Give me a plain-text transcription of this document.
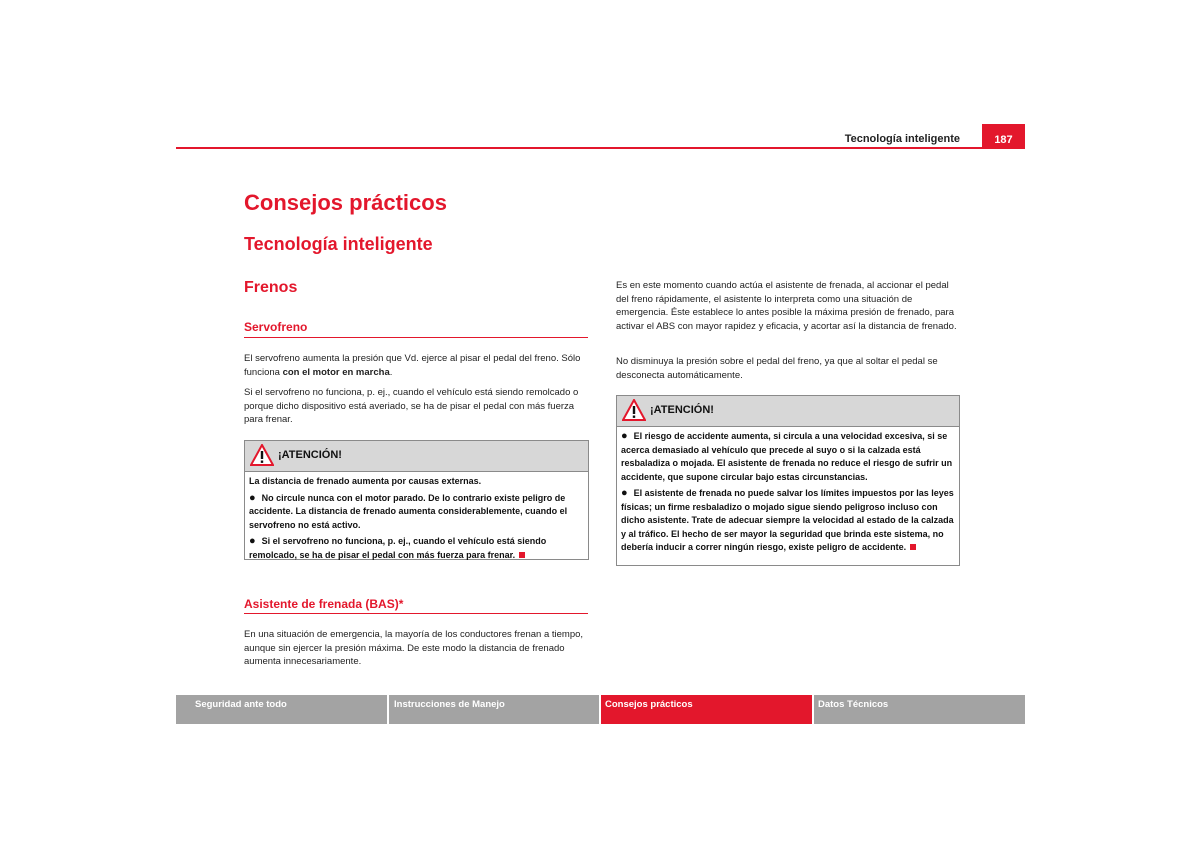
Tecnología inteligente	187
Consejos prácticos
Tecnología inteligente
Frenos
Servofreno
El servofreno aumenta la presión que Vd. ejerce al pisar el pedal del freno. Sólo funciona con el motor en marcha.
Si el servofreno no funciona, p. ej., cuando el vehículo está siendo remolcado o porque dicho dispositivo está averiado, se ha de pisar el pedal con más fuerza para frenar.
¡ATENCIÓN!

La distancia de frenado aumenta por causas externas.

● No circule nunca con el motor parado. De lo contrario existe peligro de accidente. La distancia de frenado aumenta considerablemente, cuando el servofreno no está activo.

● Si el servofreno no funciona, p. ej., cuando el vehículo está siendo remolcado, se ha de pisar el pedal con más fuerza para frenar.

Asistente de frenada (BAS)*
En una situación de emergencia, la mayoría de los conductores frenan a tiempo, aunque sin ejercer la presión máxima. De este modo la distancia de frenado aumenta innecesariamente.
Es en este momento cuando actúa el asistente de frenada, al accionar el pedal del freno rápidamente, el asistente lo interpreta como una situación de emergencia. Éste establece lo antes posible la máxima presión de frenado, para activar el ABS con mayor rapidez y eficacia, y acortar así la distancia de frenado.
No disminuya la presión sobre el pedal del freno, ya que al soltar el pedal se desconecta automáticamente.
¡ATENCIÓN!

● El riesgo de accidente aumenta, si circula a una velocidad excesiva, si se acerca demasiado al vehículo que precede al suyo o si la calzada está resbaladiza o mojada. El asistente de frenada no reduce el riesgo de sufrir un accidente, que supone circular bajo estas circunstancias.

● El asistente de frenada no puede salvar los límites impuestos por las leyes físicas; un firme resbaladizo o mojado sigue siendo peligroso incluso con dicho asistente. Trate de adecuar siempre la velocidad al estado de la calzada y al tráfico. El hecho de ser mayor la seguridad que brinda este sistema, no debería inducir a correr ningún riesgo, existe peligro de accidente.

Seguridad ante todo	Instrucciones de Manejo	Consejos prácticos	Datos Técnicos
